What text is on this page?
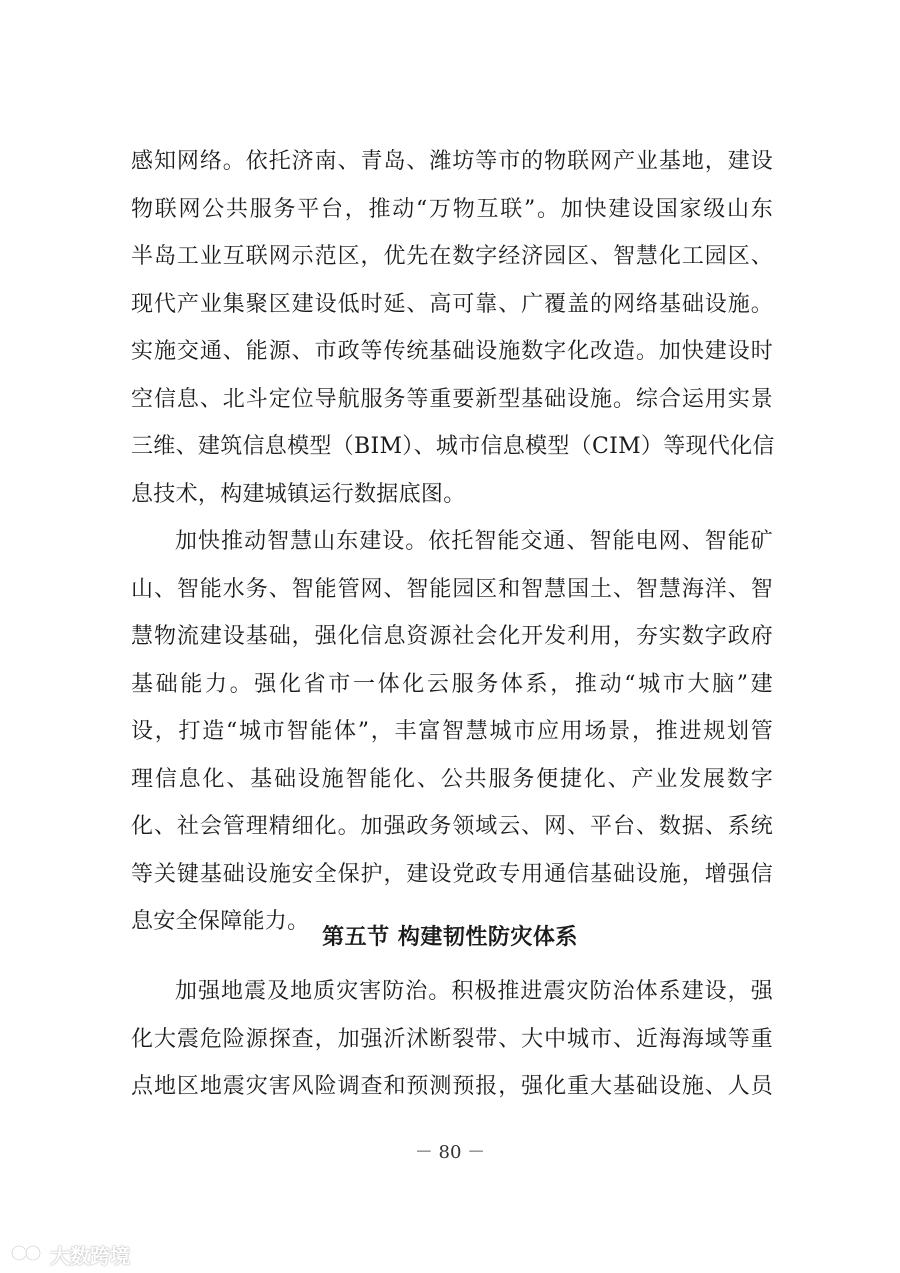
感知网络。依托济南、青岛、潍坊等市的物联网产业基地，建设
物联网公共服务平台，推动“万物互联”。加快建设国家级山东
半岛工业互联网示范区，优先在数字经济园区、智慧化工园区、
现代产业集聚区建设低时延、高可靠、广覆盖的网络基础设施。
实施交通、能源、市政等传统基础设施数字化改造。加快建设时
空信息、北斗定位导航服务等重要新型基础设施。综合运用实景
三维、建筑信息模型（BIM）、城市信息模型（CIM）等现代化信
息技术，构建城镇运行数据底图。
加快推动智慧山东建设。依托智能交通、智能电网、智能矿
山、智能水务、智能管网、智能园区和智慧国土、智慧海洋、智
慧物流建设基础，强化信息资源社会化开发利用，夯实数字政府
基础能力。强化省市一体化云服务体系，推动“城市大脑”建
设，打造“城市智能体”，丰富智慧城市应用场景，推进规划管
理信息化、基础设施智能化、公共服务便捷化、产业发展数字
化、社会管理精细化。加强政务领域云、网、平台、数据、系统
等关键基础设施安全保护，建设党政专用通信基础设施，增强信
息安全保障能力。
第五节 构建韧性防灾体系
加强地震及地质灾害防治。积极推进震灾防治体系建设，强
化大震危险源探查，加强沂沭断裂带、大中城市、近海海域等重
点地区地震灾害风险调查和预测预报，强化重大基础设施、人员
－ 80 －
大数跨境
